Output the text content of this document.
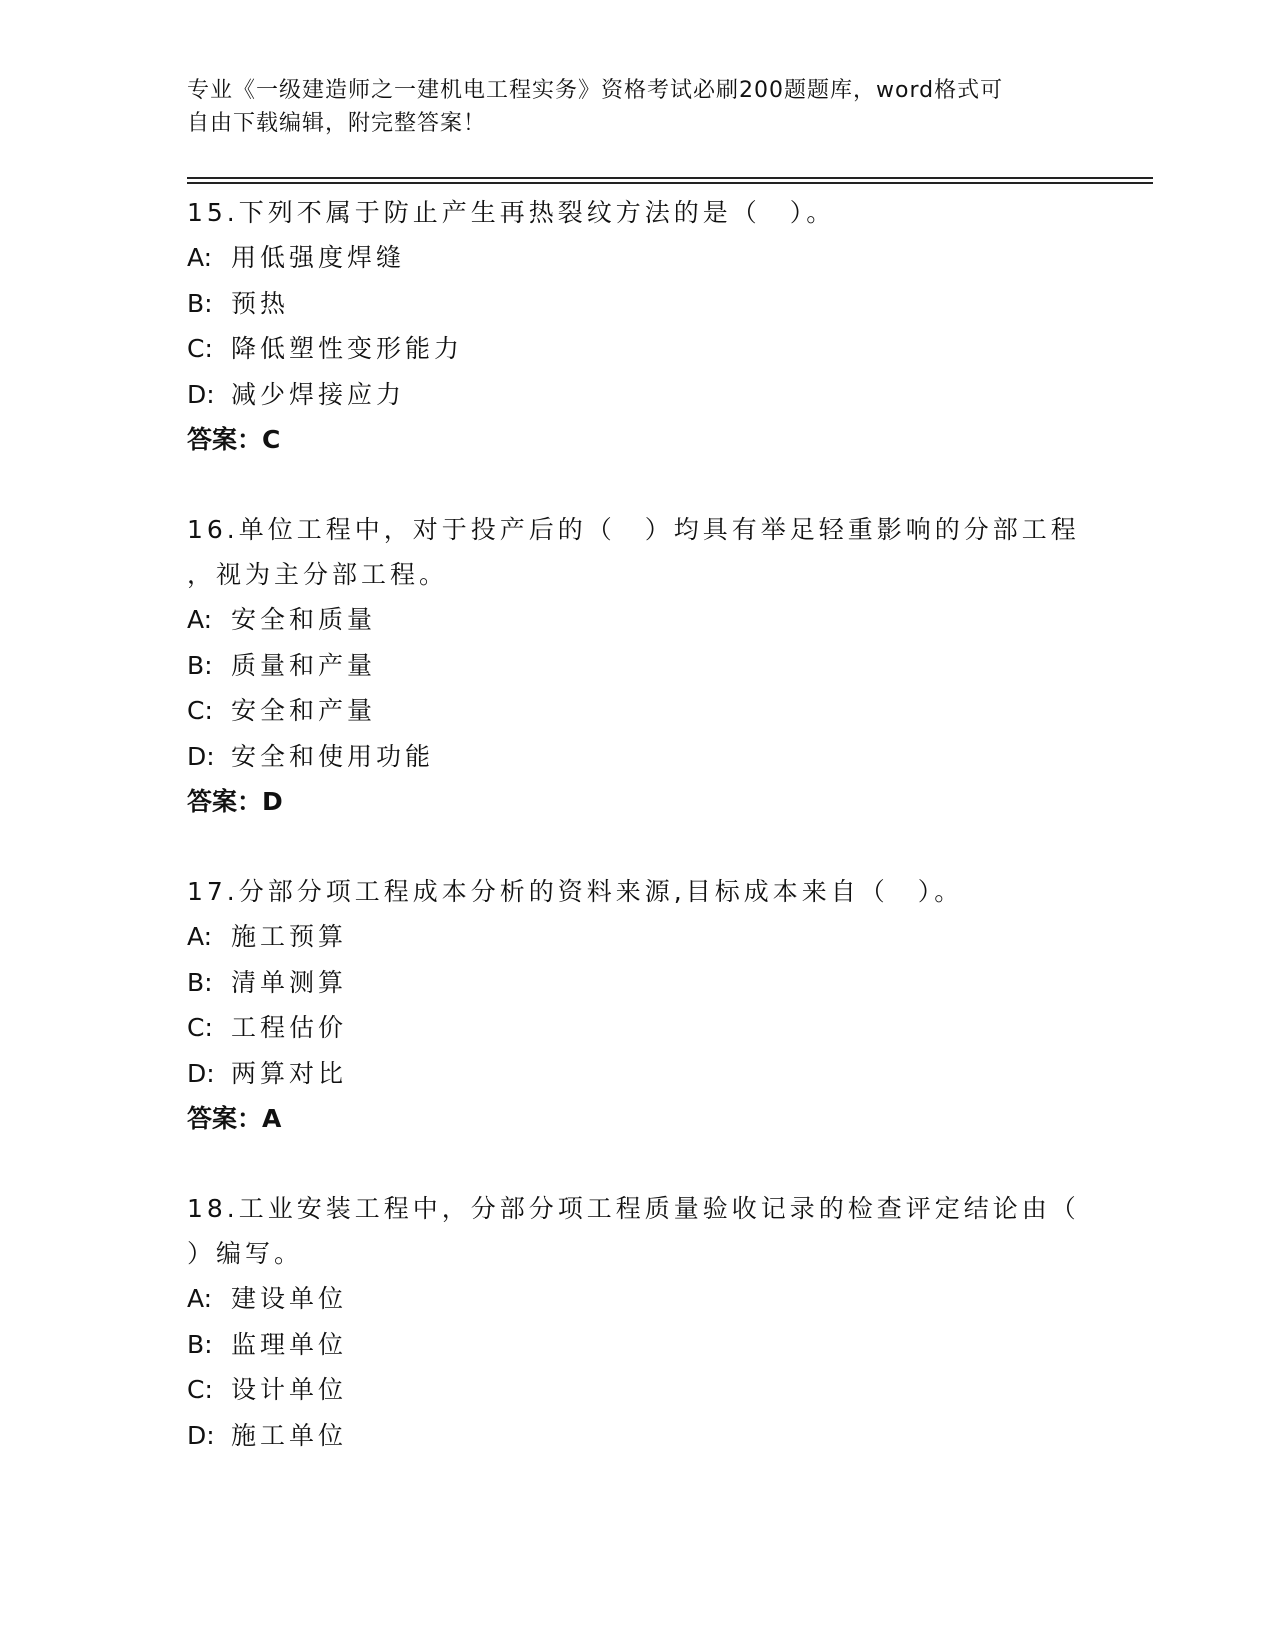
专业《一级建造师之一建机电工程实务》资格考试必刷200题题库，word格式可
自由下载编辑，附完整答案！

15.下列不属于防止产生再热裂纹方法的是（　）。

A: 用低强度焊缝
B: 预热
C: 降低塑性变形能力
D: 减少焊接应力
答案：C

16.单位工程中，对于投产后的（　）均具有举足轻重影响的分部工程
，视为主分部工程。

A: 安全和质量
B: 质量和产量
C: 安全和产量
D: 安全和使用功能
答案：D

17.分部分项工程成本分析的资料来源,目标成本来自（　）。

A: 施工预算
B: 清单测算
C: 工程估价
D: 两算对比
答案：A

18.工业安装工程中，分部分项工程质量验收记录的检查评定结论由（
）编写。

A: 建设单位
B: 监理单位
C: 设计单位
D: 施工单位
